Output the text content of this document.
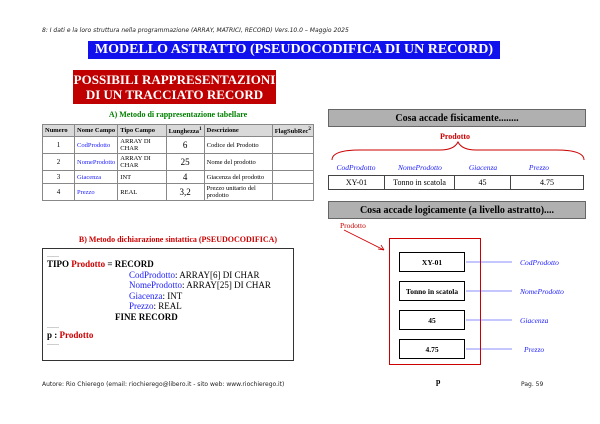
8: I dati e la loro struttura nella programmazione (ARRAY, MATRICI, RECORD) Vers.10.0 – Maggio 2025
MODELLO ASTRATTO (PSEUDOCODIFICA DI UN RECORD)
POSSIBILI RAPPRESENTAZIONI
DI UN TRACCIATO RECORD
A) Metodo di rappresentazione tabellare
Numero	Nome Campo	Tipo Campo	Lunghezza$^1$	Descrizione	FlagSubRec$^2$
1	CodProdotto	ARRAY DI CHAR	6	Codice del Prodotto	
2	NomeProdotto	ARRAY DI CHAR	25	Nome del prodotto	
3	Giacenza	INT	4	Giacenza del prodotto	
4	Prezzo	REAL	3,2	Prezzo unitario del prodotto	
B) Metodo dichiarazione sintattica (PSEUDOCODIFICA)
……
TIPO Prodotto = RECORD
CodProdotto: ARRAY[6] DI CHAR
NomeProdotto: ARRAY[25] DI CHAR
Giacenza: INT
Prezzo: REAL
FINE RECORD
……
p : Prodotto
……
Cosa accade fisicamente........
Prodotto
CodProdotto	NomeProdotto	Giacenza	Prezzo
XY-01	Tonno in scatola	45	4.75
Cosa accade logicamente (a livello astratto)....
Prodotto
XY-01
Tonno in scatola
45
4.75
CodProdotto
NomeProdotto
Giacenza
Prezzo
p
Autore: Rio Chierego (email: riochierego@libero.it - sito web: www.riochierego.it)	Pag. 59
